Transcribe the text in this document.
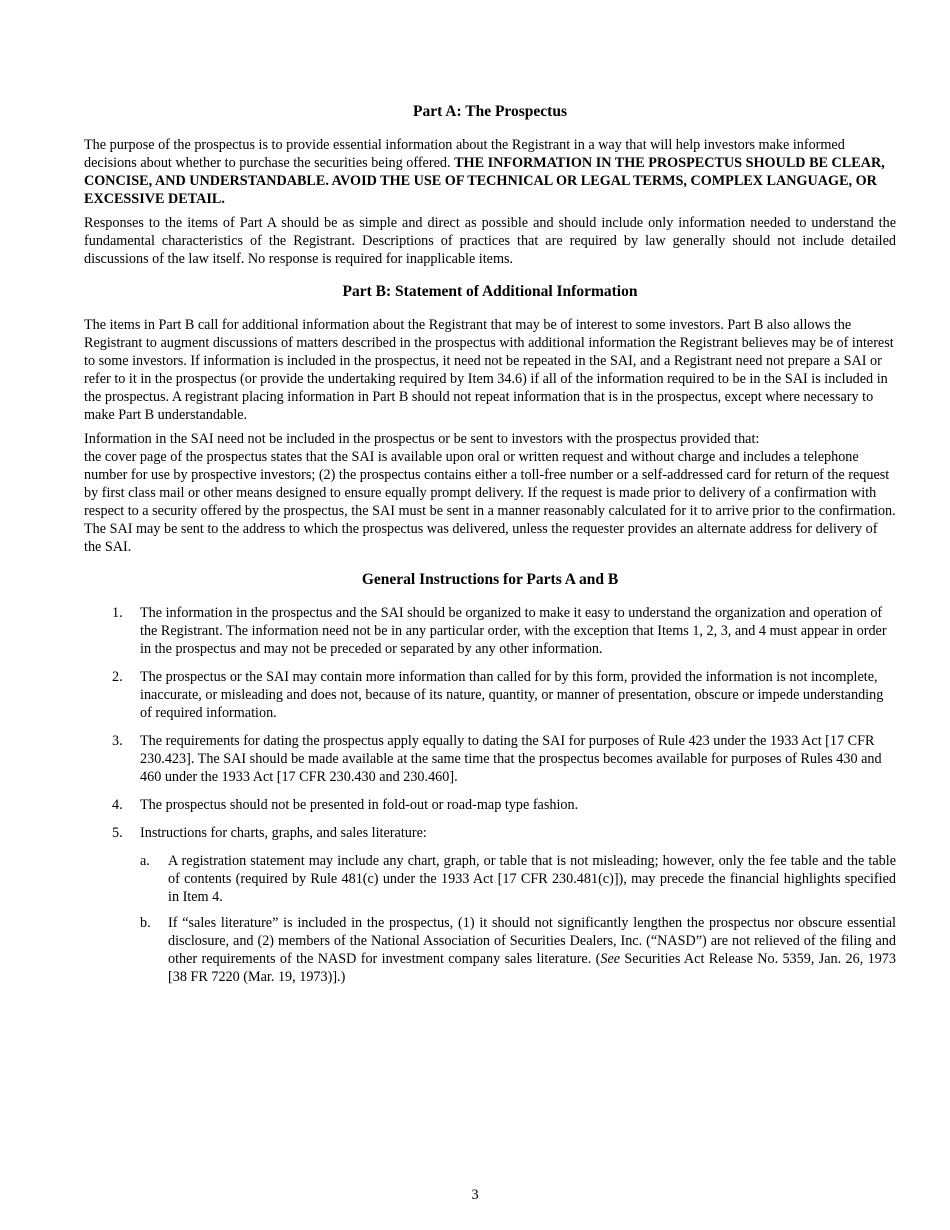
Part A: The Prospectus

The purpose of the prospectus is to provide essential information about the Registrant in a way that will help investors make informed decisions about whether to purchase the securities being offered. THE INFORMATION IN THE PROSPECTUS SHOULD BE CLEAR, CONCISE, AND UNDERSTANDABLE. AVOID THE USE OF TECHNICAL OR LEGAL TERMS, COMPLEX LANGUAGE, OR EXCESSIVE DETAIL.

Responses to the items of Part A should be as simple and direct as possible and should include only information needed to understand the fundamental characteristics of the Registrant. Descriptions of practices that are required by law generally should not include detailed discussions of the law itself. No response is required for inapplicable items.

Part B: Statement of Additional Information

The items in Part B call for additional information about the Registrant that may be of interest to some investors. Part B also allows the Registrant to augment discussions of matters described in the prospectus with additional information the Registrant believes may be of interest to some investors. If information is included in the prospectus, it need not be repeated in the SAI, and a Registrant need not prepare a SAI or refer to it in the prospectus (or provide the undertaking required by Item 34.6) if all of the information required to be in the SAI is included in the prospectus. A registrant placing information in Part B should not repeat information that is in the prospectus, except where necessary to make Part B understandable.

Information in the SAI need not be included in the prospectus or be sent to investors with the prospectus provided that:

the cover page of the prospectus states that the SAI is available upon oral or written request and without charge and includes a telephone number for use by prospective investors; (2) the prospectus contains either a toll-free number or a self-addressed card for return of the request by first class mail or other means designed to ensure equally prompt delivery. If the request is made prior to delivery of a confirmation with respect to a security offered by the prospectus, the SAI must be sent in a manner reasonably calculated for it to arrive prior to the confirmation. The SAI may be sent to the address to which the prospectus was delivered, unless the requester provides an alternate address for delivery of the SAI.

General Instructions for Parts A and B
1. The information in the prospectus and the SAI should be organized to make it easy to understand the organization and operation of the Registrant. The information need not be in any particular order, with the exception that Items 1, 2, 3, and 4 must appear in order in the prospectus and may not be preceded or separated by any other information.
2. The prospectus or the SAI may contain more information than called for by this form, provided the information is not incomplete, inaccurate, or misleading and does not, because of its nature, quantity, or manner of presentation, obscure or impede understanding of required information.
3. The requirements for dating the prospectus apply equally to dating the SAI for purposes of Rule 423 under the 1933 Act [17 CFR 230.423]. The SAI should be made available at the same time that the prospectus becomes available for purposes of Rules 430 and 460 under the 1933 Act [17 CFR 230.430 and 230.460].
4. The prospectus should not be presented in fold-out or road-map type fashion.
5. Instructions for charts, graphs, and sales literature:
a. A registration statement may include any chart, graph, or table that is not misleading; however, only the fee table and the table of contents (required by Rule 481(c) under the 1933 Act [17 CFR 230.481(c)]), may precede the financial highlights specified in Item 4.
b. If “sales literature” is included in the prospectus, (1) it should not significantly lengthen the prospectus nor obscure essential disclosure, and (2) members of the National Association of Securities Dealers, Inc. (“NASD”) are not relieved of the filing and other requirements of the NASD for investment company sales literature. (See Securities Act Release No. 5359, Jan. 26, 1973 [38 FR 7220 (Mar. 19, 1973)].)
3
